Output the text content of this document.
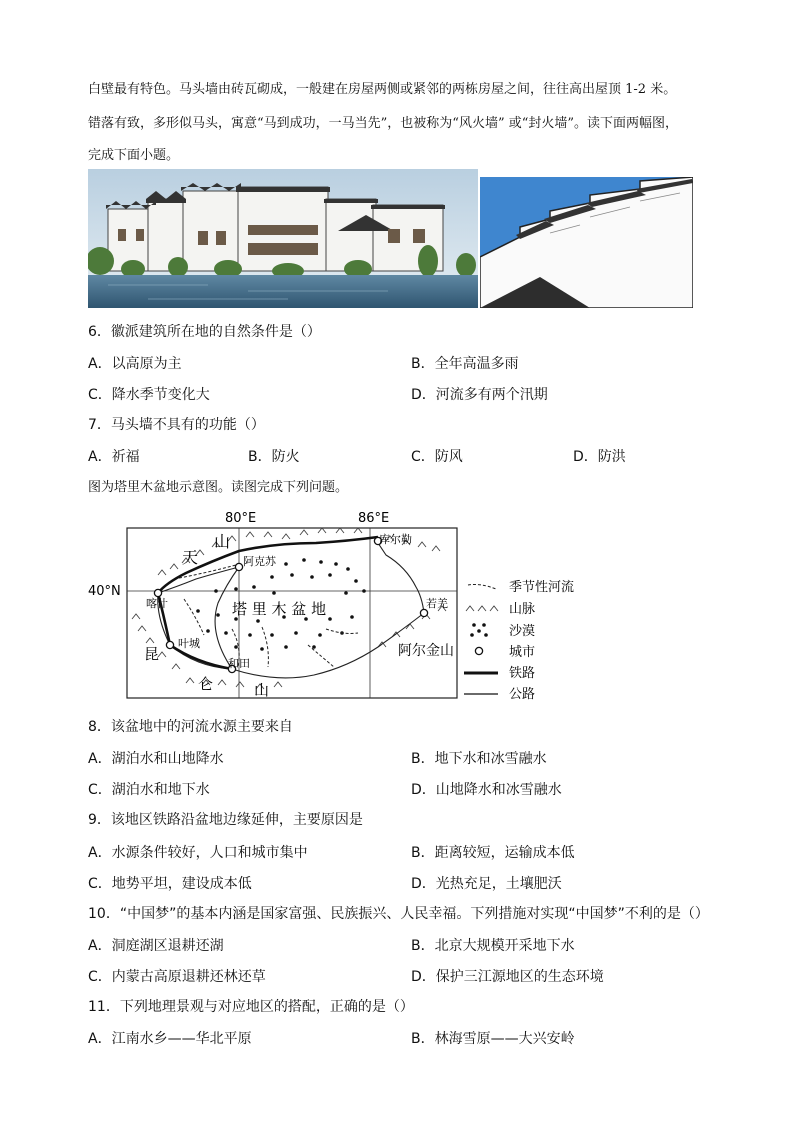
白壁最有特色。马头墙由砖瓦砌成，一般建在房屋两侧或紧邻的两栋房屋之间，往往高出屋顶 1-2 米。
错落有致，多形似马头，寓意“马到成功，一马当先”，也被称为“风火墙” 或“封火墙”。读下面两幅图，
完成下面小题。
6．徽派建筑所在地的自然条件是（）
A．以高原为主	B．全年高温多雨
C．降水季节变化大	D．河流多有两个汛期
7．马头墙不具有的功能（）
A．祈福	B．防火	C．防风	D．防洪
图为塔里木盆地示意图。读图完成下列问题。
80°E	86°E
40°N
阿克苏
库尔勒
喀什
叶城
和田
若羌
天
山
塔 里 木 盆 地
昆
仑	山
阿尔金山
季节性河流
山脉
沙漠
城市
铁路
公路
8．该盆地中的河流水源主要来自
A．湖泊水和山地降水	B．地下水和冰雪融水
C．湖泊水和地下水	D．山地降水和冰雪融水
9．该地区铁路沿盆地边缘延伸，主要原因是
A．水源条件较好，人口和城市集中	B．距离较短，运输成本低
C．地势平坦，建设成本低	D．光热充足，土壤肥沃
10．“中国梦”的基本内涵是国家富强、民族振兴、人民幸福。下列措施对实现“中国梦”不利的是（）
A．洞庭湖区退耕还湖	B．北京大规模开采地下水
C．内蒙古高原退耕还林还草	D．保护三江源地区的生态环境
11．下列地理景观与对应地区的搭配，正确的是（）
A．江南水乡——华北平原	B．林海雪原——大兴安岭
